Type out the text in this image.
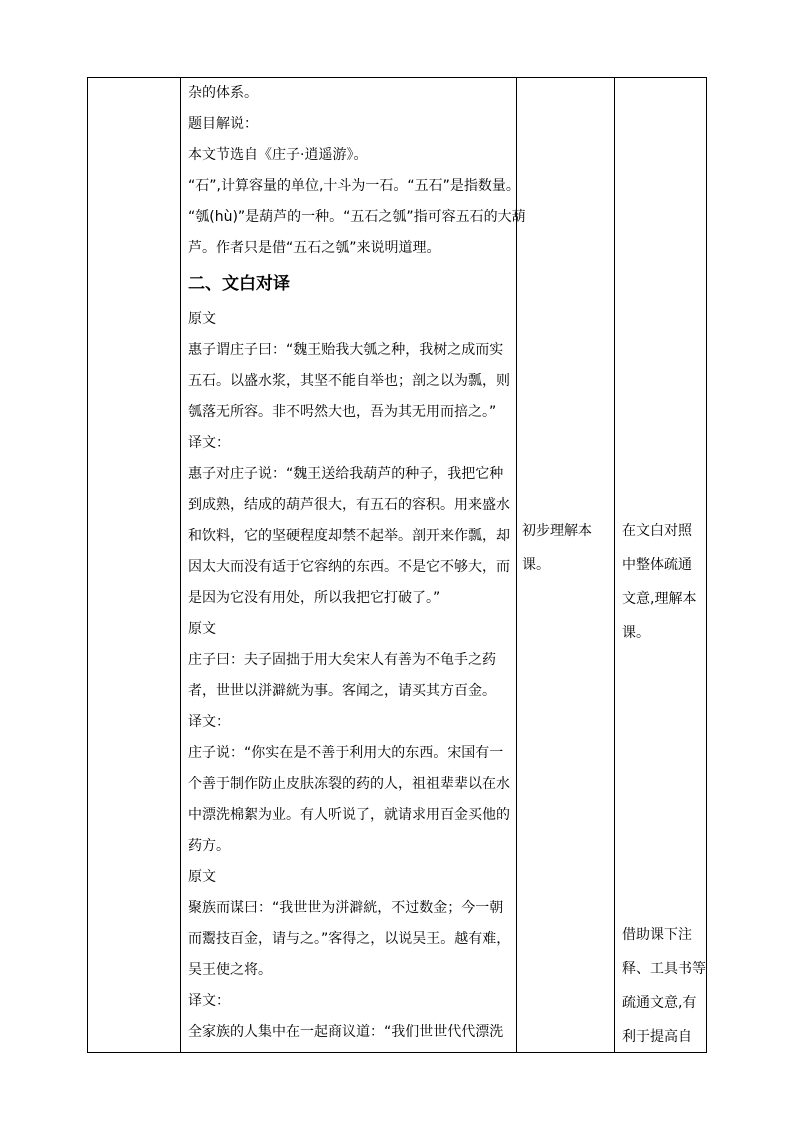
杂的体系。
题目解说：
本文节选自《庄子·逍遥游》。
“石”,计算容量的单位,十斗为一石。“五石”是指数量。
“瓠(hù)”是葫芦的一种。“五石之瓠”指可容五石的大葫
芦。作者只是借“五石之瓠”来说明道理。
二、文白对译
原文
惠子谓庄子曰：“魏王贻我大瓠之种，我树之成而实
五石。以盛水浆，其坚不能自举也；剖之以为瓢，则
瓠落无所容。非不呺然大也，吾为其无用而掊之。”
译文：
惠子对庄子说：“魏王送给我葫芦的种子，我把它种
到成熟，结成的葫芦很大，有五石的容积。用来盛水
和饮料，它的坚硬程度却禁不起举。剖开来作瓢，却
因太大而没有适于它容纳的东西。不是它不够大，而
是因为它没有用处，所以我把它打破了。”
原文
庄子曰：夫子固拙于用大矣宋人有善为不龟手之药
者，世世以洴澼絖为事。客闻之，请买其方百金。
译文：
庄子说：“你实在是不善于利用大的东西。宋国有一
个善于制作防止皮肤冻裂的药的人，祖祖辈辈以在水
中漂洗棉絮为业。有人听说了，就请求用百金买他的
药方。
原文
聚族而谋曰：“我世世为洴澼絖，不过数金；今一朝
而鬻技百金，请与之。”客得之，以说吴王。越有难，
吴王使之将。
译文：
全家族的人集中在一起商议道：“我们世世代代漂洗
初步理解本
课。
在文白对照
中整体疏通
文意,理解本
课。
借助课下注
释、工具书等
疏通文意,有
利于提高自
